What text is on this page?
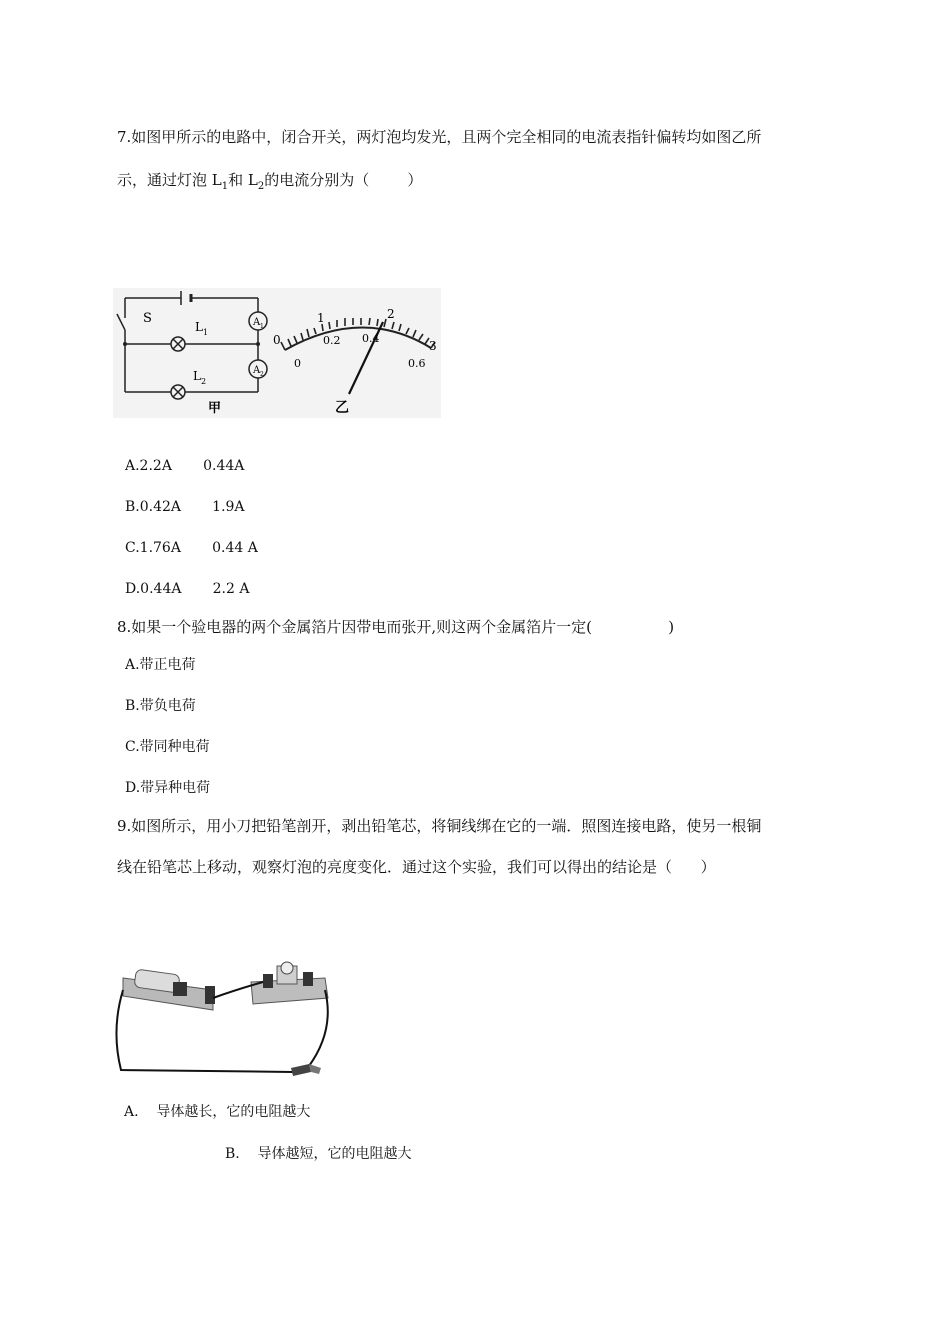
7.如图甲所示的电路中，闭合开关，两灯泡均发光，且两个完全相同的电流表指针偏转均如图乙所
示，通过灯泡 $L_1$和 $L_2$的电流分别为（        ）
S
L 1
L 2
A 1
A 2
甲
0
1	2
3
0
0.2 0.4
0.6
乙
A.2.2A       0.44A
B.0.42A       1.9A
C.1.76A       0.44 A
D.0.44A       2.2 A
8.如果一个验电器的两个金属箔片因带电而张开,则这两个金属箔片一定(                )
A.带正电荷
B.带负电荷
C.带同种电荷
D.带异种电荷
9.如图所示，用小刀把铅笔剖开，剥出铅笔芯，将铜线绑在它的一端．照图连接电路，使另一根铜
线在铅笔芯上移动，观察灯泡的亮度变化．通过这个实验，我们可以得出的结论是（      ）
A.    导体越长，它的电阻越大
B.    导体越短，它的电阻越大
